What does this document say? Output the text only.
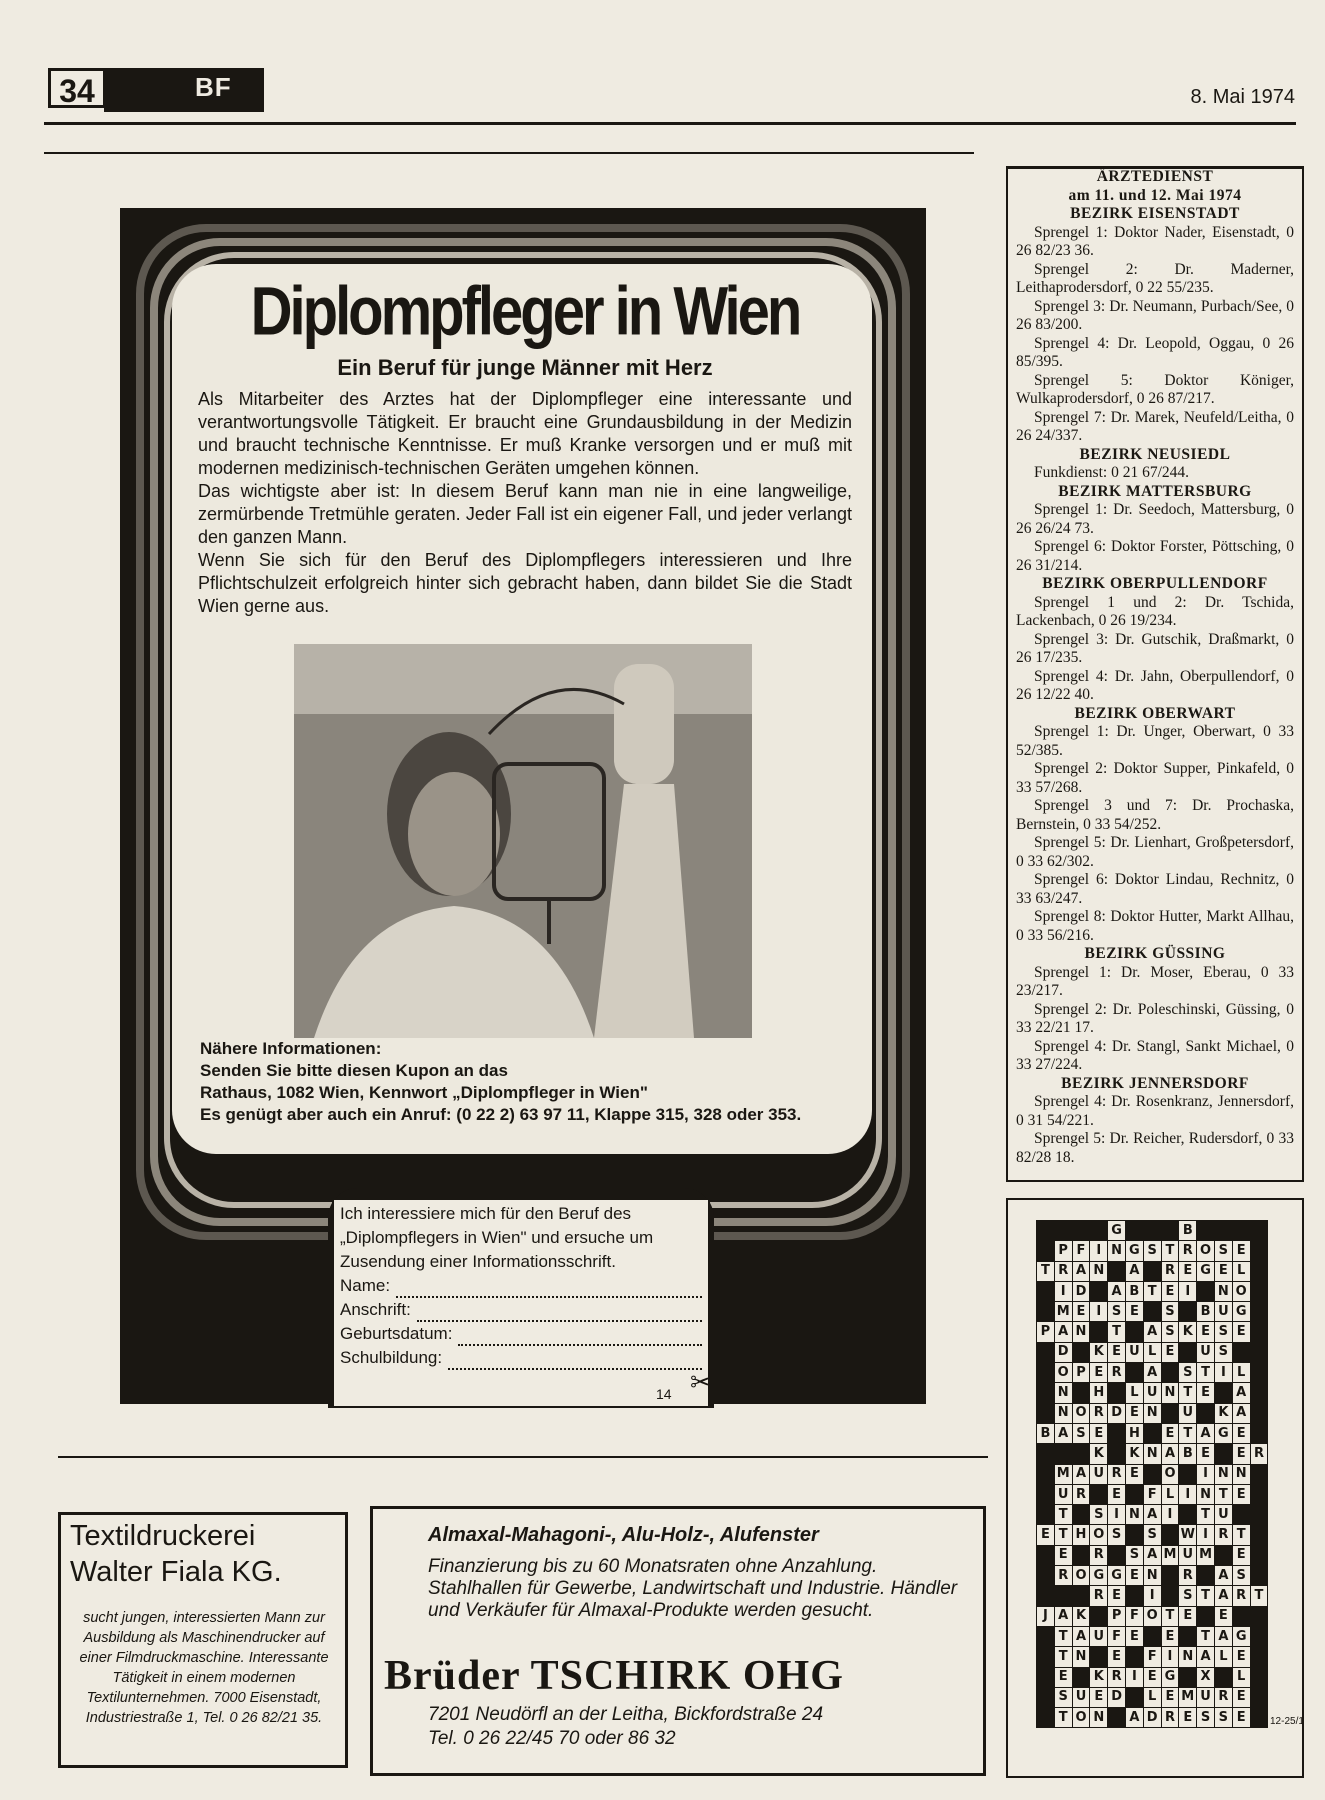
34	BF	8. Mai 1974
Diplompfleger in Wien
Ein Beruf für junge Männer mit Herz

Als Mitarbeiter des Arztes hat der Diplompfleger eine interessante und verantwortungsvolle Tätigkeit. Er braucht eine Grundausbildung in der Medizin und braucht technische Kenntnisse. Er muß Kranke versorgen und er muß mit modernen medizinisch-technischen Geräten umgehen können.

Das wichtigste aber ist: In diesem Beruf kann man nie in eine langweilige, zermürbende Tretmühle geraten. Jeder Fall ist ein eigener Fall, und jeder verlangt den ganzen Mann.

Wenn Sie sich für den Beruf des Diplompflegers interessieren und Ihre Pflichtschulzeit erfolgreich hinter sich gebracht haben, dann bildet Sie die Stadt Wien gerne aus.

Nähere Informationen:
Senden Sie bitte diesen Kupon an das
Rathaus, 1082 Wien, Kennwort „Diplompfleger in Wien"
Es genügt aber auch ein Anruf: (0 22 2) 63 97 11, Klappe 315, 328 oder 353.
Ich interessiere mich für den Beruf des „Diplompflegers in Wien" und ersuche um Zusendung einer Informationsschrift.
Name:
Anschrift:
Geburtsdatum:
Schulbildung:
14 ✂
ÄRZTEDIENST
am 11. und 12. Mai 1974
BEZIRK EISENSTADT
Sprengel 1: Doktor Nader, Eisenstadt, 0 26 82/23 36.
Sprengel 2: Dr. Maderner, Leithaprodersdorf, 0 22 55/235.
Sprengel 3: Dr. Neumann, Purbach/See, 0 26 83/200.
Sprengel 4: Dr. Leopold, Oggau, 0 26 85/395.
Sprengel 5: Doktor Königer, Wulkaprodersdorf, 0 26 87/217.
Sprengel 7: Dr. Marek, Neufeld/Leitha, 0 26 24/337.
BEZIRK NEUSIEDL
Funkdienst: 0 21 67/244.
BEZIRK MATTERSBURG
Sprengel 1: Dr. Seedoch, Mattersburg, 0 26 26/24 73.
Sprengel 6: Doktor Forster, Pöttsching, 0 26 31/214.
BEZIRK OBERPULLENDORF
Sprengel 1 und 2: Dr. Tschida, Lackenbach, 0 26 19/234.
Sprengel 3: Dr. Gutschik, Draßmarkt, 0 26 17/235.
Sprengel 4: Dr. Jahn, Oberpullendorf, 0 26 12/22 40.
BEZIRK OBERWART
Sprengel 1: Dr. Unger, Oberwart, 0 33 52/385.
Sprengel 2: Doktor Supper, Pinkafeld, 0 33 57/268.
Sprengel 3 und 7: Dr. Prochaska, Bernstein, 0 33 54/252.
Sprengel 5: Dr. Lienhart, Großpetersdorf, 0 33 62/302.
Sprengel 6: Doktor Lindau, Rechnitz, 0 33 63/247.
Sprengel 8: Doktor Hutter, Markt Allhau, 0 33 56/216.
BEZIRK GÜSSING
Sprengel 1: Dr. Moser, Eberau, 0 33 23/217.
Sprengel 2: Dr. Poleschinski, Güssing, 0 33 22/21 17.
Sprengel 4: Dr. Stangl, Sankt Michael, 0 33 27/224.
BEZIRK JENNERSDORF
Sprengel 4: Dr. Rosenkranz, Jennersdorf, 0 31 54/221.
Sprengel 5: Dr. Reicher, Rudersdorf, 0 33 82/28 18.
				G				B				
	P	F	I	N	G	S	T	R	O	S	E	
T	R	A	N		A		R	E	G	E	L	
	I	D		A	B	T	E	I		N	O	
	M	E	I	S	E		S		B	U	G	
P	A	N		T		A	S	K	E	S	E	
	D		K	E	U	L	E		U	S		
	O	P	E	R		A		S	T	I	L	
	N		H		L	U	N	T	E		A	
	N	O	R	D	E	N		U		K	A	
B	A	S	E		H		E	T	A	G	E	
			K		K	N	A	B	E		E	R
	M	A	U	R	E		O		I	N	N	
	U	R		E		F	L	I	N	T	E	
	T		S	I	N	A	I		T	U		
E	T	H	O	S		S		W	I	R	T	
	E		R		S	A	M	U	M		E	
	R	O	G	G	E	N		R		A	S	
			R	E		I		S	T	A	R	T
J	A	K		P	F	O	T	E		E		
	T	A	U	F	E		E		T	A	G	
	T	N		E		F	I	N	A	L	E	
	E		K	R	I	E	G		X		L	
	S	U	E	D		L	E	M	U	R	E	
	T	O	N		A	D	R	E	S	S	E	12-25/1
Textildruckerei
Walter Fiala KG.
sucht jungen, interessierten Mann zur Ausbildung als Maschinendrucker auf einer Filmdruckmaschine. Interessante Tätigkeit in einem modernen Textilunternehmen. 7000 Eisenstadt, Industriestraße 1, Tel. 0 26 82/21 35.
Almaxal-Mahagoni-, Alu-Holz-, Alufenster
Finanzierung bis zu 60 Monatsraten ohne Anzahlung. Stahlhallen für Gewerbe, Landwirtschaft und Industrie. Händler und Verkäufer für Almaxal-Produkte werden gesucht.
Brüder TSCHIRK OHG
7201 Neudörfl an der Leitha, Bickfordstraße 24
Tel. 0 26 22/45 70 oder 86 32
